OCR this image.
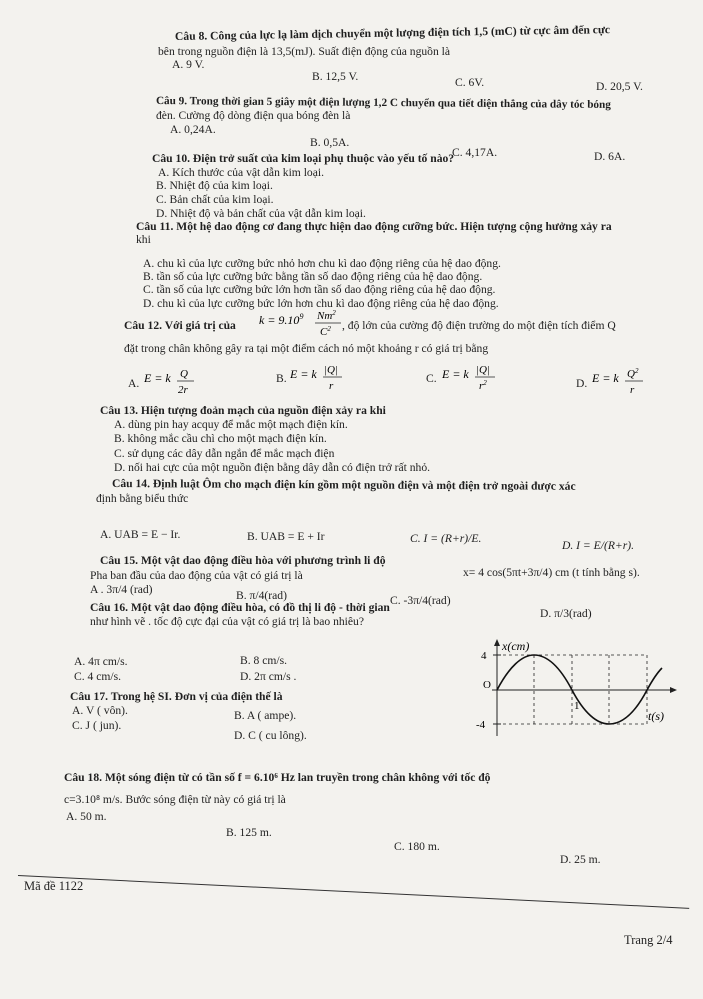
Câu 8. Công của lực lạ làm dịch chuyển một lượng điện tích 1,5 (mC) từ cực âm đến cực
bên trong nguồn điện là 13,5(mJ). Suất điện động của nguồn là
A. 9 V.
B. 12,5 V.	C. 6V.	D. 20,5 V.
Câu 9. Trong thời gian 5 giây một điện lượng 1,2 C chuyển qua tiết diện thẳng của dây tóc bóng
đèn. Cường độ dòng điện qua bóng đèn là
A. 0,24A.
B. 0,5A.
C. 4,17A.	D. 6A.
Câu 10. Điện trở suất của kim loại phụ thuộc vào yếu tố nào?
A. Kích thước của vật dẫn kim loại.
B. Nhiệt độ của kim loại.
C. Bản chất của kim loại.
D. Nhiệt độ và bản chất của vật dẫn kim loại.
Câu 11. Một hệ dao động cơ đang thực hiện dao động cưỡng bức. Hiện tượng cộng hưởng xảy ra
khi
A. chu kì của lực cưỡng bức nhỏ hơn chu kì dao động riêng của hệ dao động.
B. tần số của lực cưỡng bức bằng tần số dao động riêng của hệ dao động.
C. tần số của lực cưỡng bức lớn hơn tần số dao động riêng của hệ dao động.
D. chu kì của lực cưỡng bức lớn hơn chu kì dao động riêng của hệ dao động.
Câu 12. Với giá trị của $k = 9.10^9$ Nm$^2$
$C^2$ , độ lớn của cường độ điện trường do một điện tích điểm Q
đặt trong chân không gây ra tại một điểm cách nó một khoảng r có giá trị bằng
A. E = k Q
2r
B. E = k |Q|
r
C. E = k |Q|
$r^2$	D. E = k $Q^2$
r
Câu 13. Hiện tượng đoản mạch của nguồn điện xảy ra khi
A. dùng pin hay acquy để mắc một mạch điện kín.
B. không mắc cầu chì cho một mạch điện kín.
C. sử dụng các dây dẫn ngắn để mắc mạch điện
D. nối hai cực của một nguồn điện bằng dây dẫn có điện trở rất nhỏ.
Câu 14. Định luật Ôm cho mạch điện kín gồm một nguồn điện và một điện trở ngoài được xác
định bằng biểu thức
A. UAB = E − Ir.	B. UAB = E + Ir	C. I = (R+r)/E.
D. I = E/(R+r).
Câu 15. Một vật dao động điều hòa với phương trình li độ
x= 4 cos(5πt+3π/4) cm (t tính bằng s).
Pha ban đầu của dao động của vật có giá trị là
A . 3π/4 (rad)	B. π/4(rad)	C. -3π/4(rad)
D. π/3(rad)
Câu 16. Một vật dao động điều hòa, có đồ thị li độ - thời gian
như hình vẽ . tốc độ cực đại của vật có giá trị là bao nhiêu?
A. 4π cm/s.	B. 8 cm/s.
C. 4 cm/s.	D. 2π cm/s .
x(cm)
4
O
-4
1
t(s)
Câu 17. Trong hệ SI. Đơn vị của điện thế là
A. V ( vôn).	B. A ( ampe).
C. J ( jun).
D. C ( cu lông).
Câu 18. Một sóng điện từ có tần số f = 6.10⁶ Hz lan truyền trong chân không với tốc độ
c=3.10⁸ m/s. Bước sóng điện từ này có giá trị là
A. 50 m.
B. 125 m.
C. 180 m.
D. 25 m.
Mã đề 1122
Trang 2/4
